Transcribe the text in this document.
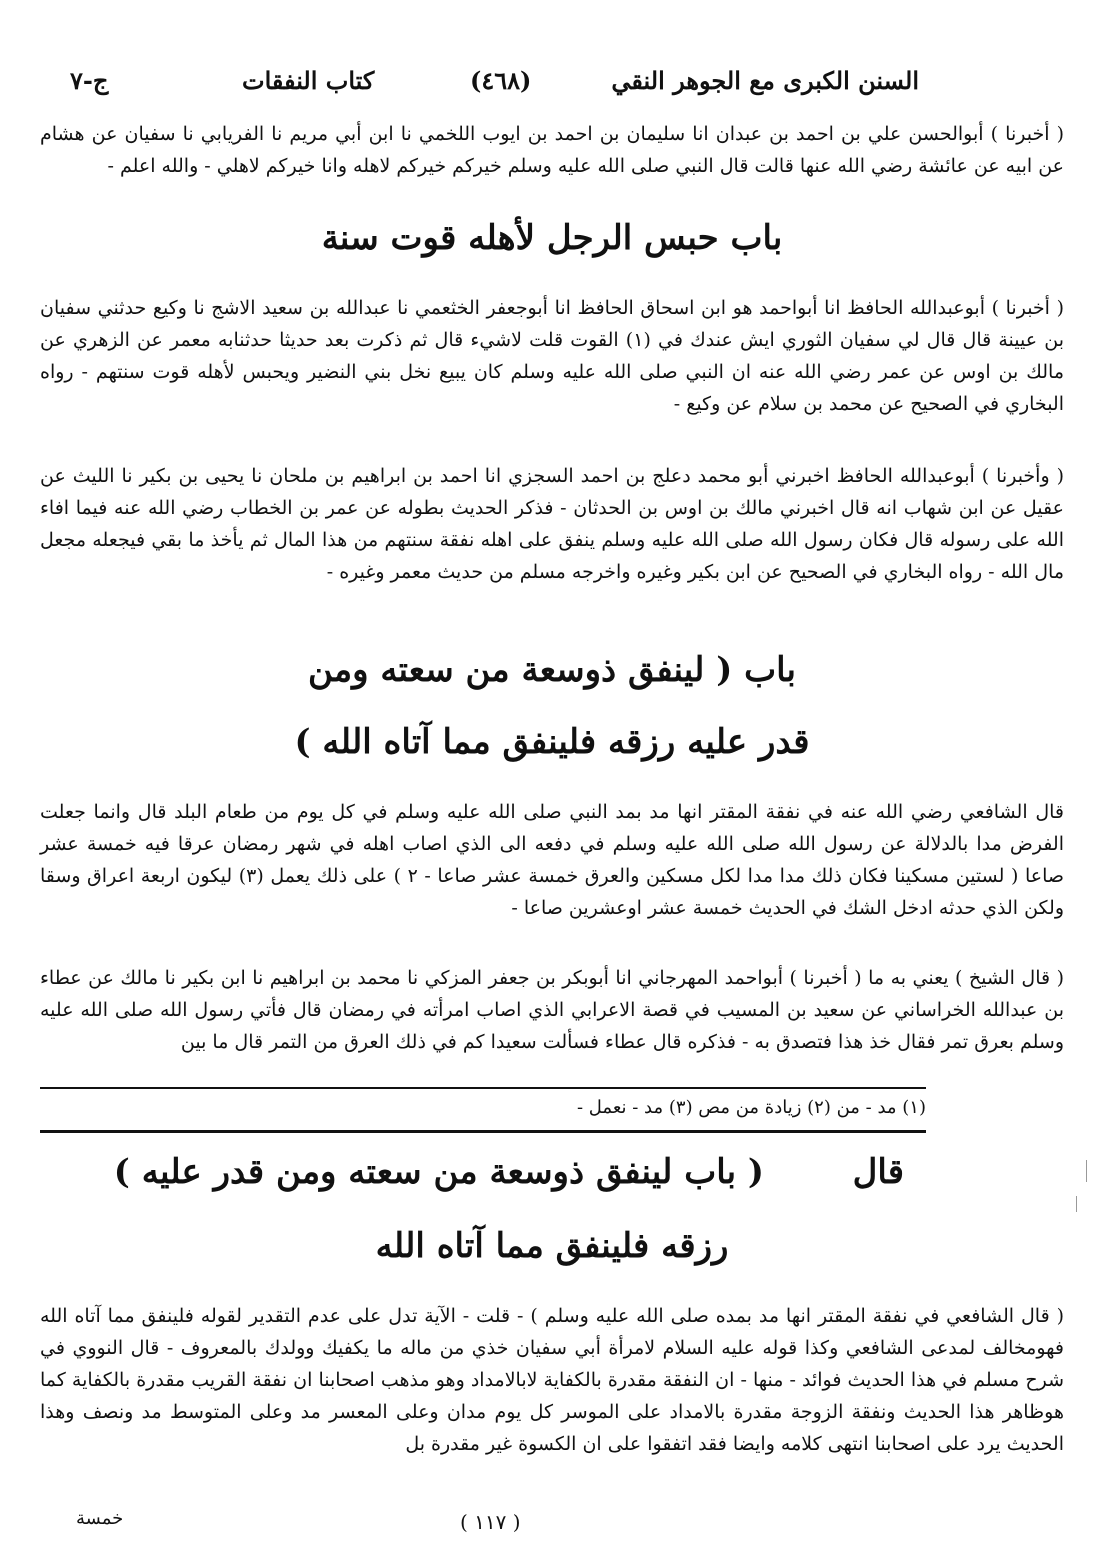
ج-٧	كتاب النفقات	(٤٦٨)	السنن الكبرى مع الجوهر النقي

( أخبرنا ) أبوالحسن علي بن احمد بن عبدان انا سليمان بن احمد بن ايوب اللخمي نا ابن أبي مريم نا الفريابي نا سفيان عن هشام عن ابيه عن عائشة رضي الله عنها قالت قال النبي صلى الله عليه وسلم خيركم خيركم لاهله وانا خيركم لاهلي - والله اعلم -

باب حبس الرجل لأهله قوت سنة

( أخبرنا ) أبوعبدالله الحافظ انا أبواحمد هو ابن اسحاق الحافظ انا أبوجعفر الخثعمي نا عبدالله بن سعيد الاشج نا وكيع حدثني سفيان بن عيينة قال قال لي سفيان الثوري ايش عندك في (١) القوت قلت لاشيء قال ثم ذكرت بعد حديثا حدثنابه معمر عن الزهري عن مالك بن اوس عن عمر رضي الله عنه ان النبي صلى الله عليه وسلم كان يبيع نخل بني النضير ويحبس لأهله قوت سنتهم - رواه البخاري في الصحيح عن محمد بن سلام عن وكيع -

( وأخبرنا ) أبوعبدالله الحافظ اخبرني أبو محمد دعلج بن احمد السجزي انا احمد بن ابراهيم بن ملحان نا يحيى بن بكير نا الليث عن عقيل عن ابن شهاب انه قال اخبرني مالك بن اوس بن الحدثان - فذكر الحديث بطوله عن عمر بن الخطاب رضي الله عنه فيما افاء الله على رسوله قال فكان رسول الله صلى الله عليه وسلم ينفق على اهله نفقة سنتهم من هذا المال ثم يأخذ ما بقي فيجعله مجعل مال الله - رواه البخاري في الصحيح عن ابن بكير وغيره واخرجه مسلم من حديث معمر وغيره -

باب ( لينفق ذوسعة من سعته ومن
قدر عليه رزقه فلينفق مما آتاه الله )

قال الشافعي رضي الله عنه في نفقة المقتر انها مد بمد النبي صلى الله عليه وسلم في كل يوم من طعام البلد قال وانما جعلت الفرض مدا بالدلالة عن رسول الله صلى الله عليه وسلم في دفعه الى الذي اصاب اهله في شهر رمضان عرقا فيه خمسة عشر صاعا ( لستين مسكينا فكان ذلك مدا مدا لكل مسكين والعرق خمسة عشر صاعا - ٢ ) على ذلك يعمل (٣) ليكون اربعة اعراق وسقا ولكن الذي حدثه ادخل الشك في الحديث خمسة عشر اوعشرين صاعا -

( قال الشيخ ) يعني به ما ( أخبرنا ) أبواحمد المهرجاني انا أبوبكر بن جعفر المزكي نا محمد بن ابراهيم نا ابن بكير نا مالك عن عطاء بن عبدالله الخراساني عن سعيد بن المسيب في قصة الاعرابي الذي اصاب امرأته في رمضان قال فأتي رسول الله صلى الله عليه وسلم بعرق تمر فقال خذ هذا فتصدق به - فذكره قال عطاء فسألت سعيدا كم في ذلك العرق من التمر قال ما بين

(١) مد - من (٢) زيادة من مص (٣) مد - نعمل -

قال
( باب لينفق ذوسعة من سعته ومن قدر عليه )
رزقه فلينفق مما آتاه الله

( قال الشافعي في نفقة المقتر انها مد بمده صلى الله عليه وسلم ) - قلت - الآية تدل على عدم التقدير لقوله فلينفق مما آتاه الله فهومخالف لمدعى الشافعي وكذا قوله عليه السلام لامرأة أبي سفيان خذي من ماله ما يكفيك وولدك بالمعروف - قال النووي في شرح مسلم في هذا الحديث فوائد - منها - ان النفقة مقدرة بالكفاية لابالامداد وهو مذهب اصحابنا ان نفقة القريب مقدرة بالكفاية كما هوظاهر هذا الحديث ونفقة الزوجة مقدرة بالامداد على الموسر كل يوم مدان وعلى المعسر مد وعلى المتوسط مد ونصف وهذا الحديث يرد على اصحابنا انتهى كلامه وايضا فقد اتفقوا على ان الكسوة غير مقدرة بل

خمسة	( ١١٧ )
